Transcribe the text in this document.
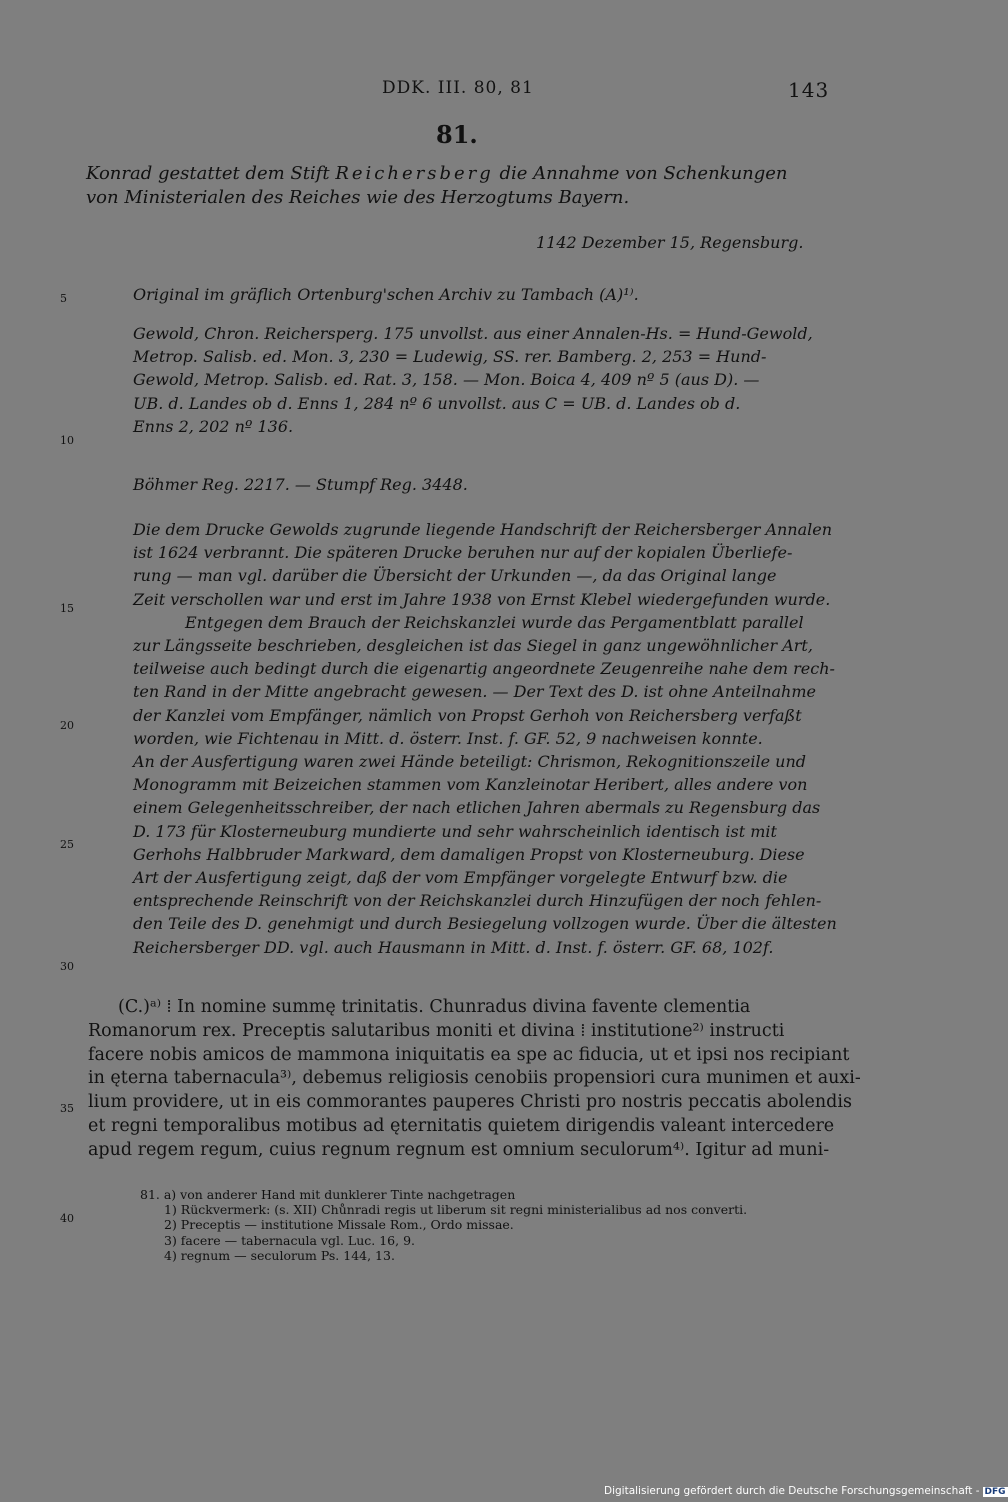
DDK. III. 80, 81	143
81.
Konrad gestattet dem Stift Reichersberg die Annahme von Schenkungen
von Ministerialen des Reiches wie des Herzogtums Bayern.
1142 Dezember 15, Regensburg.
Original im gräflich Ortenburg'schen Archiv zu Tambach (A)¹⁾.
Gewold, Chron. Reichersperg. 175 unvollst. aus einer Annalen-Hs. = Hund-Gewold,
Metrop. Salisb. ed. Mon. 3, 230 = Ludewig, SS. rer. Bamberg. 2, 253 = Hund-
Gewold, Metrop. Salisb. ed. Rat. 3, 158. — Mon. Boica 4, 409 nº 5 (aus D). —
UB. d. Landes ob d. Enns 1, 284 nº 6 unvollst. aus C = UB. d. Landes ob d.
Enns 2, 202 nº 136.
Böhmer Reg. 2217. — Stumpf Reg. 3448.
Die dem Drucke Gewolds zugrunde liegende Handschrift der Reichersberger Annalen
ist 1624 verbrannt. Die späteren Drucke beruhen nur auf der kopialen Überliefe-
rung — man vgl. darüber die Übersicht der Urkunden —, da das Original lange
Zeit verschollen war und erst im Jahre 1938 von Ernst Klebel wiedergefunden wurde.
Entgegen dem Brauch der Reichskanzlei wurde das Pergamentblatt parallel
zur Längsseite beschrieben, desgleichen ist das Siegel in ganz ungewöhnlicher Art,
teilweise auch bedingt durch die eigenartig angeordnete Zeugenreihe nahe dem rech-
ten Rand in der Mitte angebracht gewesen. — Der Text des D. ist ohne Anteilnahme
der Kanzlei vom Empfänger, nämlich von Propst Gerhoh von Reichersberg verfaßt
worden, wie Fichtenau in Mitt. d. österr. Inst. f. GF. 52, 9 nachweisen konnte.
An der Ausfertigung waren zwei Hände beteiligt: Chrismon, Rekognitionszeile und
Monogramm mit Beizeichen stammen vom Kanzleinotar Heribert, alles andere von
einem Gelegenheitsschreiber, der nach etlichen Jahren abermals zu Regensburg das
D. 173 für Klosterneuburg mundierte und sehr wahrscheinlich identisch ist mit
Gerhohs Halbbruder Markward, dem damaligen Propst von Klosterneuburg. Diese
Art der Ausfertigung zeigt, daß der vom Empfänger vorgelegte Entwurf bzw. die
entsprechende Reinschrift von der Reichskanzlei durch Hinzufügen der noch fehlen-
den Teile des D. genehmigt und durch Besiegelung vollzogen wurde. Über die ältesten
Reichersberger DD. vgl. auch Hausmann in Mitt. d. Inst. f. österr. GF. 68, 102f.
(C.)ᵃ⁾ ⁞ In nomine summę trinitatis. Chunradus divina favente clementia
Romanorum rex. Preceptis salutaribus moniti et divina ⁞ institutione²⁾ instructi
facere nobis amicos de mammona iniquitatis ea spe ac fiducia, ut et ipsi nos recipiant
in ęterna tabernacula³⁾, debemus religiosis cenobiis propensiori cura munimen et auxi-
lium providere, ut in eis commorantes pauperes Christi pro nostris peccatis abolendis
et regni temporalibus motibus ad ęternitatis quietem dirigendis valeant intercedere
apud regem regum, cuius regnum regnum est omnium seculorum⁴⁾. Igitur ad muni-
81. a) von anderer Hand mit dunklerer Tinte nachgetragen
1) Rückvermerk: (s. XII) Chůnradi regis ut liberum sit regni ministerialibus ad nos converti.
2) Preceptis — institutione Missale Rom., Ordo missae.
3) facere — tabernacula vgl. Luc. 16, 9.
4) regnum — seculorum Ps. 144, 13.
5
10
15
20
25
30
35
40
Digitalisierung gefördert durch die Deutsche Forschungsgemeinschaft - DFG
